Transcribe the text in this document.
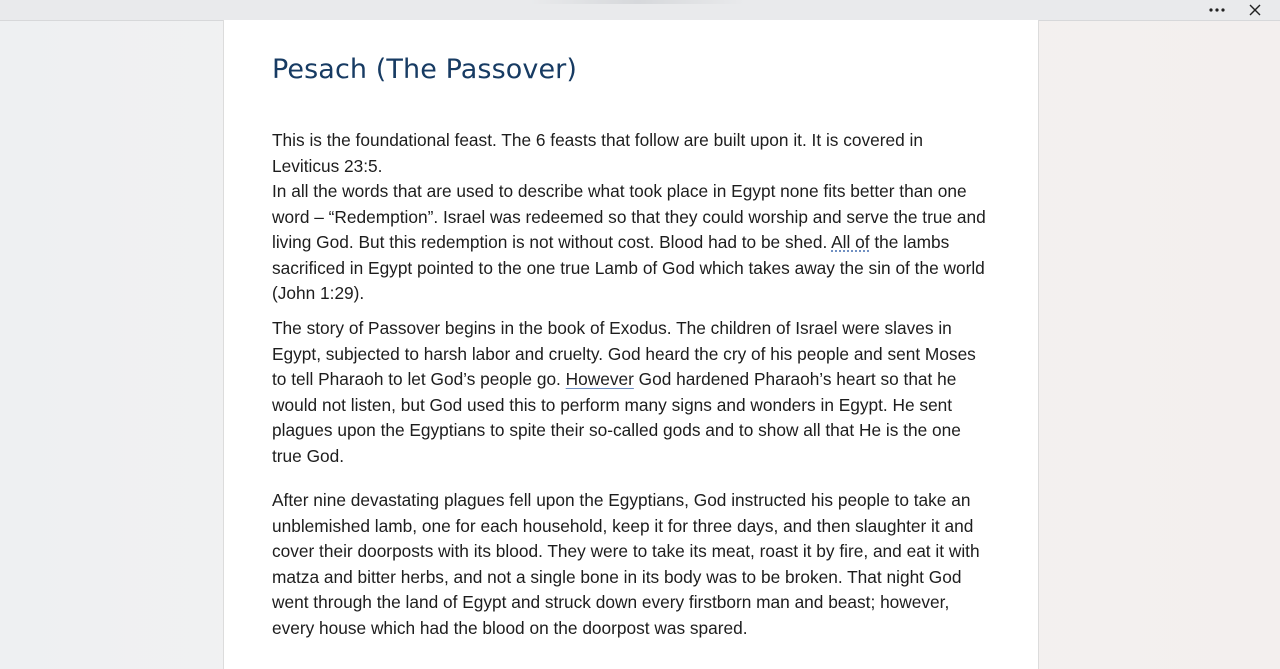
Pesach (The Passover)
This is the foundational feast. The 6 feasts that follow are built upon it. It is covered in
Leviticus 23:5.
In all the words that are used to describe what took place in Egypt none fits better than one
word – “Redemption”. Israel was redeemed so that they could worship and serve the true and
living God. But this redemption is not without cost. Blood had to be shed. All of the lambs
sacrificed in Egypt pointed to the one true Lamb of God which takes away the sin of the world
(John 1:29).
The story of Passover begins in the book of Exodus. The children of Israel were slaves in
Egypt, subjected to harsh labor and cruelty. God heard the cry of his people and sent Moses
to tell Pharaoh to let God’s people go. However God hardened Pharaoh’s heart so that he
would not listen, but God used this to perform many signs and wonders in Egypt. He sent
plagues upon the Egyptians to spite their so-called gods and to show all that He is the one
true God.
After nine devastating plagues fell upon the Egyptians, God instructed his people to take an
unblemished lamb, one for each household, keep it for three days, and then slaughter it and
cover their doorposts with its blood. They were to take its meat, roast it by fire, and eat it with
matza and bitter herbs, and not a single bone in its body was to be broken. That night God
went through the land of Egypt and struck down every firstborn man and beast; however,
every house which had the blood on the doorpost was spared.
